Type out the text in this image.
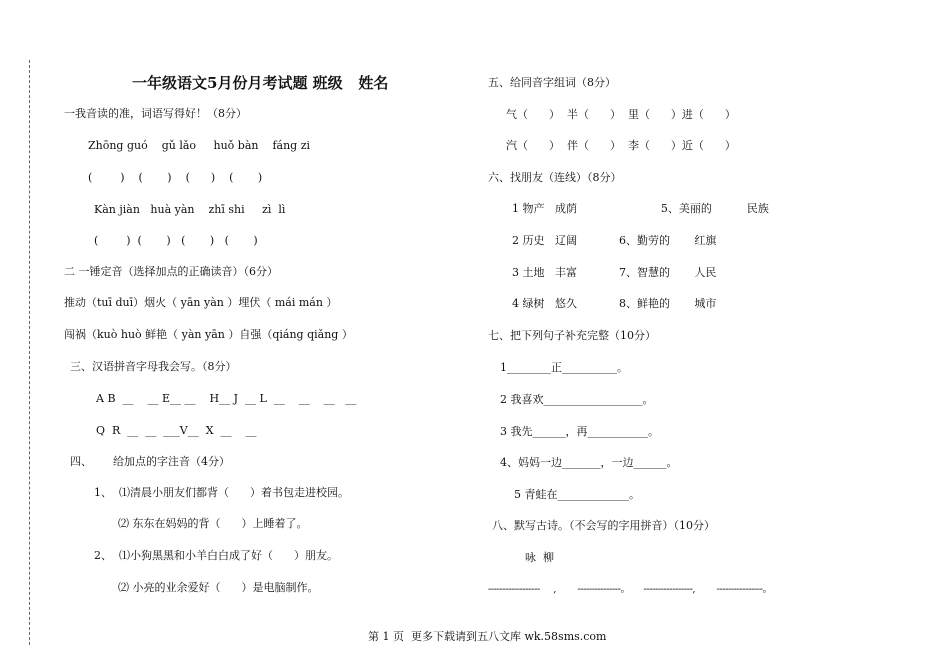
一年级语文5月份月考试题 班级   姓名
一我音读的准，词语写得好！（8分）
Zhōng guó    gǔ lǎo     huǒ bàn    fáng zi
(        )    (       )    (      )    (       )
Kàn jiàn   huà yàn    zhī shi     zì  lì
(        )  (       )   (       )   (       )
二 一锤定音（选择加点的正确读音）（6分）
推动（tuī duī）烟火（ yān yàn ）埋伏（ mái mán ）
闯祸（kuò huò 鲜艳（ yàn yān ）自强（qiáng qiǎng ）
三、汉语拼音字母我会写。（8分）
A B  __    __ E__ __    H__ J  __ L  __    __    __   __
Q  R  __  __  ___V__  X  __    __
四、      给加点的字注音（4分）
1、  ⑴清晨小朋友们都背（      ）着书包走进校园。
⑵ 东东在妈妈的背（      ）上睡着了。
2、  ⑴小狗黑黑和小羊白白成了好（      ）朋友。
⑵ 小亮的业余爱好（      ）是电脑制作。
五、给同音字组词（8分）
气（      ）  半（      ）  里（      ）进（      ）
汽（      ）  伴（      ）  李（      ）近（      ）
六、找朋友（连线）（8分）
1 物产   成荫                        5、美丽的          民族
2 历史   辽阔            6、勤劳的       红旗
3 土地   丰富            7、智慧的       人民
4 绿树   悠久            8、鲜艳的       城市
七、把下列句子补充完整（10分）
1________正__________。
2 我喜欢__________________。
3 我先______，再___________。
4、妈妈一边_______，一边______。
5 青蛙在_____________。
八、默写古诗。（不会写的字用拼音）（10分）
咏  柳
------------------     ,        ---------------。     -----------------,        ----------------。
第 1 页  更多下载请到五八文库 wk.58sms.com
